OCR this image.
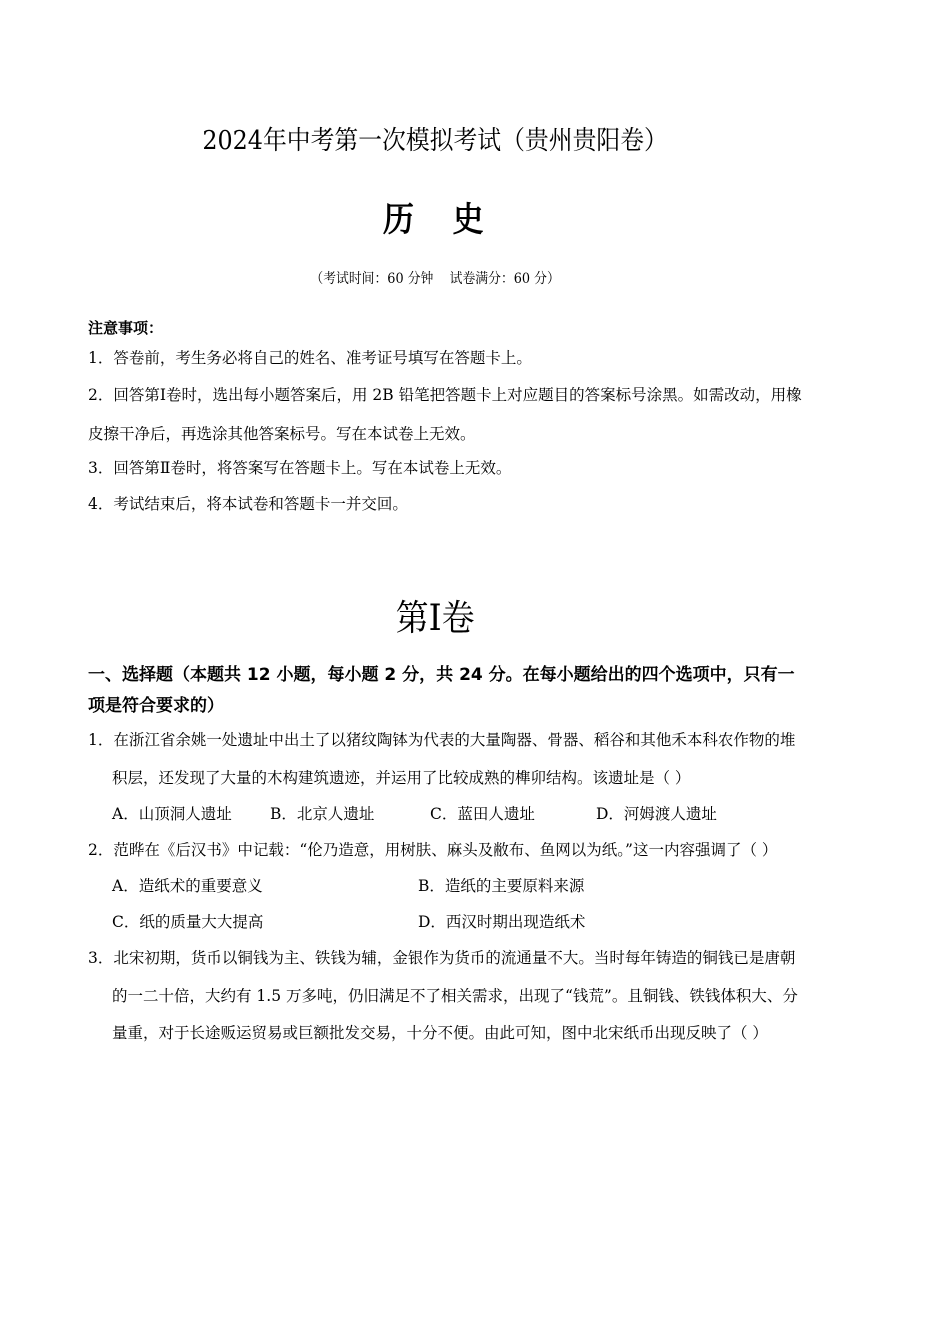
2024年中考第一次模拟考试（贵州贵阳卷）
历 史
（考试时间：60 分钟    试卷满分：60 分）
注意事项：
1．答卷前，考生务必将自己的姓名、准考证号填写在答题卡上。
2．回答第Ⅰ卷时，选出每小题答案后，用 2B 铅笔把答题卡上对应题目的答案标号涂黑。如需改动，用橡
皮擦干净后，再选涂其他答案标号。写在本试卷上无效。
3．回答第Ⅱ卷时，将答案写在答题卡上。写在本试卷上无效。
4．考试结束后，将本试卷和答题卡一并交回。
第Ⅰ卷
一、选择题（本题共 12 小题，每小题 2 分，共 24 分。在每小题给出的四个选项中，只有一
项是符合要求的）
1．在浙江省余姚一处遗址中出土了以猪纹陶钵为代表的大量陶器、骨器、稻谷和其他禾本科农作物的堆
积层，还发现了大量的木构建筑遗迹，并运用了比较成熟的榫卯结构。该遗址是（ ）
A．山顶洞人遗址 B．北京人遗址	C．蓝田人遗址	D．河姆渡人遗址
2．范晔在《后汉书》中记载：“伦乃造意，用树肤、麻头及敝布、鱼网以为纸。”这一内容强调了（ ）
A．造纸术的重要意义	B．造纸的主要原料来源
C．纸的质量大大提高	D．西汉时期出现造纸术
3．北宋初期，货币以铜钱为主、铁钱为辅，金银作为货币的流通量不大。当时每年铸造的铜钱已是唐朝
的一二十倍，大约有 1.5 万多吨，仍旧满足不了相关需求，出现了“钱荒”。且铜钱、铁钱体积大、分
量重，对于长途贩运贸易或巨额批发交易，十分不便。由此可知，图中北宋纸币出现反映了（ ）
